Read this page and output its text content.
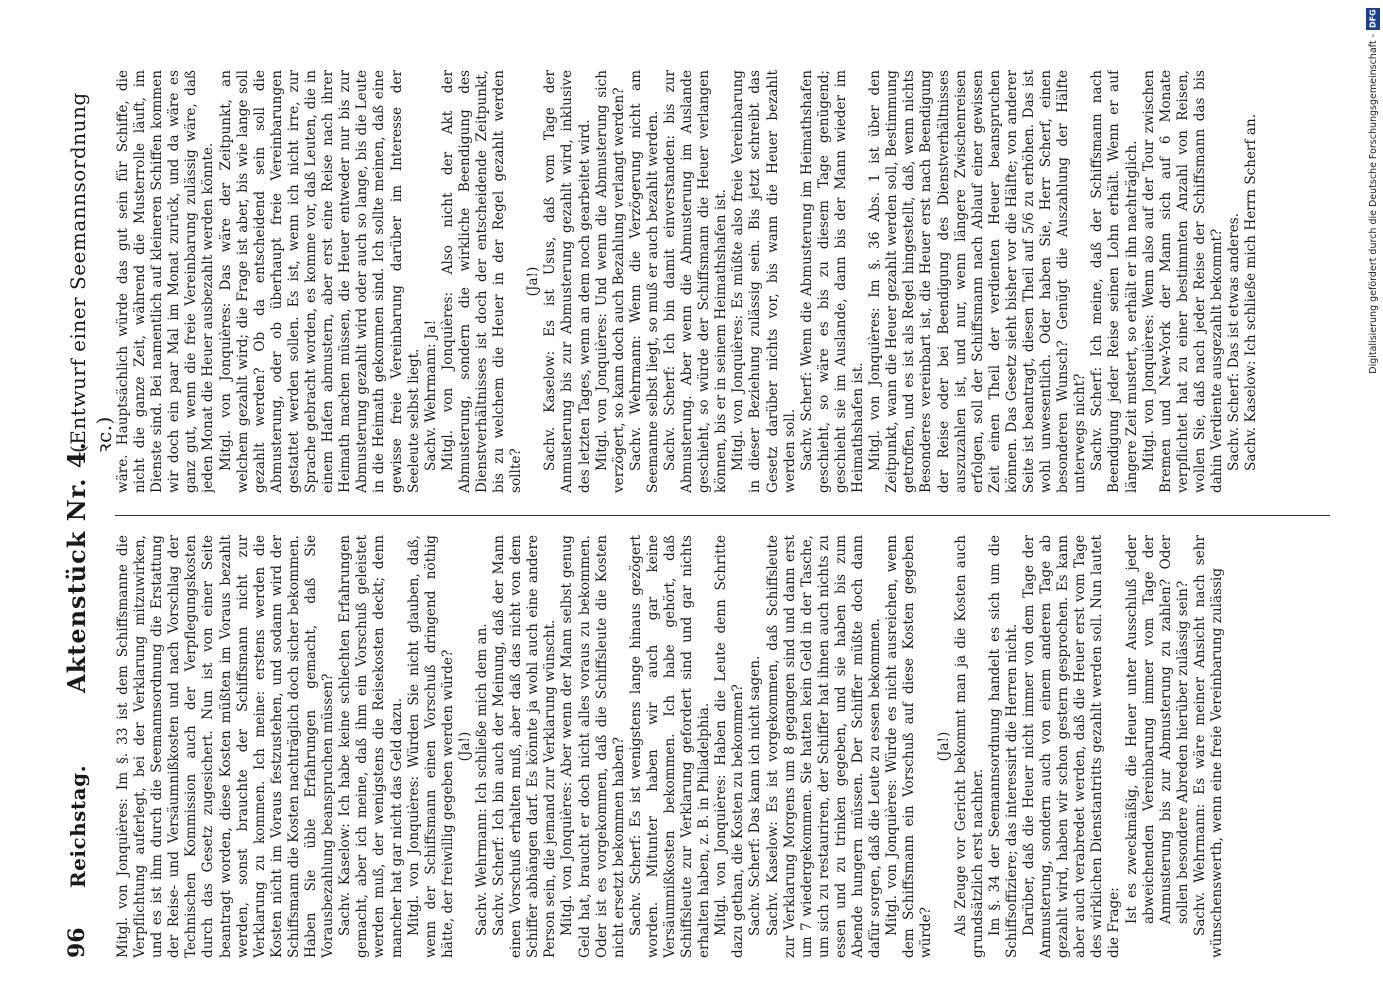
96
Reichstag.
Aktenstück Nr. 4.
(Entwurf einer Seemannsordnung ꝛc.)

Mitgl. von Jonquières: Im §. 33 ist dem Schiffsmanne die Verpflichtung auferlegt, bei der Verklarung mitzuwirken, und es ist ihm durch die Seemannsordnung die Erstattung der Reise- und Versäumnißkosten und nach Vorschlag der Technischen Kommission auch der Verpflegungskosten durch das Gesetz zugesichert. Nun ist von einer Seite beantragt worden, diese Kosten müßten im Voraus bezahlt werden, sonst brauchte der Schiffsmann nicht zur Verklarung zu kommen. Ich meine: erstens werden die Kosten nicht im Voraus festzustehen, und sodann wird der Schiffsmann die Kosten nachträglich doch sicher bekommen. Haben Sie üble Erfahrungen gemacht, daß Sie Vorausbezahlung beanspruchen müssen? Sachv. Kaselow: Ich habe keine schlechten Erfahrungen gemacht, aber ich meine, daß ihm ein Vorschuß geleistet werden muß, der wenigstens die Reisekosten deckt; denn mancher hat gar nicht das Geld dazu. Mitgl. von Jonquières: Würden Sie nicht glauben, daß, wenn der Schiffsmann einen Vorschuß dringend nöthig hätte, der freiwillig gegeben werden würde? (Ja!) Sachv. Wehrmann: Ich schließe mich dem an. Sachv. Scherf: Ich bin auch der Meinung, daß der Mann einen Vorschuß erhalten muß, aber daß das nicht von dem Schiffer abhängen darf. Es könnte ja wohl auch eine andere Person sein, die jemand zur Verklarung wünscht. Mitgl. von Jonquières: Aber wenn der Mann selbst genug Geld hat, braucht er doch nicht alles voraus zu bekommen. Oder ist es vorgekommen, daß die Schiffsleute die Kosten nicht ersetzt bekommen haben? Sachv. Scherf: Es ist wenigstens lange hinaus gezögert worden. Mitunter haben wir auch gar keine Versäumnißkosten bekommen. Ich habe gehört, daß Schiffsleute zur Verklarung gefordert sind und gar nichts erhalten haben, z. B. in Philadelphia. Mitgl. von Jonquières: Haben die Leute denn Schritte dazu gethan, die Kosten zu bekommen? Sachv. Scherf: Das kann ich nicht sagen. Sachv. Kaselow: Es ist vorgekommen, daß Schiffsleute zur Verklarung Morgens um 8 gegangen sind und dann erst um 7 wiedergekommen. Sie hatten kein Geld in der Tasche, um sich zu restauriren, der Schiffer hat ihnen auch nichts zu essen und zu trinken gegeben, und sie haben bis zum Abende hungern müssen. Der Schiffer müßte doch dann dafür sorgen, daß die Leute zu essen bekommen. Mitgl. von Jonquières: Würde es nicht ausreichen, wenn dem Schiffsmann ein Vorschuß auf diese Kosten gegeben würde?

(Ja!) Als Zeuge vor Gericht bekommt man ja die Kosten auch grundsätzlich erst nachher. Im §. 34 der Seemannsordnung handelt es sich um die Schiffsoffiziere; das interessirt die Herren nicht. Darüber, daß die Heuer nicht immer von dem Tage der Anmusterung, sondern auch von einem anderen Tage ab gezahlt wird, haben wir schon gestern gesprochen. Es kann aber auch verabredet werden, daß die Heuer erst vom Tage des wirklichen Dienstantritts gezahlt werden soll. Nun lautet die Frage: Ist es zweckmäßig, die Heuer unter Ausschluß jeder abweichenden Vereinbarung immer vom Tage der Anmusterung bis zur Abmusterung zu zahlen? Oder sollen besondere Abreden hierüber zulässig sein? Sachv. Wehrmann: Es wäre meiner Ansicht nach sehr wünschenswerth, wenn eine freie Vereinbarung zulässig

wäre. Hauptsächlich würde das gut sein für Schiffe, die nicht die ganze Zeit, während die Musterrolle läuft, im Dienste sind. Bei namentlich auf kleineren Schiffen kommen wir doch ein paar Mal im Monat zurück, und da wäre es ganz gut, wenn die freie Vereinbarung zulässig wäre, daß jeden Monat die Heuer ausbezahlt werden könnte. Mitgl. von Jonquières: Das wäre der Zeitpunkt, an welchem gezahlt wird; die Frage ist aber, bis wie lange soll gezahlt werden? Ob da entscheidend sein soll die Abmusterung, oder ob überhaupt freie Vereinbarungen gestattet werden sollen. Es ist, wenn ich nicht irre, zur Sprache gebracht worden, es komme vor, daß Leuten, die in einem Hafen abmustern, aber erst eine Reise nach ihrer Heimath machen müssen, die Heuer entweder nur bis zur Abmusterung gezahlt wird oder auch so lange, bis die Leute in die Heimath gekommen sind. Ich sollte meinen, daß eine gewisse freie Vereinbarung darüber im Interesse der Seeleute selbst liegt. Sachv. Wehrmann: Ja! Mitgl. von Jonquières: Also nicht der Akt der Abmusterung, sondern die wirkliche Beendigung des Dienstverhältnisses ist doch der entscheidende Zeitpunkt, bis zu welchem die Heuer in der Regel gezahlt werden sollte?

(Ja!) Sachv. Kaselow: Es ist Usus, daß vom Tage der Anmusterung bis zur Abmusterung gezahlt wird, inklusive des letzten Tages, wenn an dem noch gearbeitet wird. Mitgl. von Jonquières: Und wenn die Abmusterung sich verzögert, so kann doch auch Bezahlung verlangt werden? Sachv. Wehrmann: Wenn die Verzögerung nicht am Seemanne selbst liegt, so muß er auch bezahlt werden. Sachv. Scherf: Ich bin damit einverstanden: bis zur Abmusterung. Aber wenn die Abmusterung im Auslande geschieht, so würde der Schiffsmann die Heuer verlangen können, bis er in seinem Heimathshafen ist. Mitgl. von Jonquières: Es müßte also freie Vereinbarung in dieser Beziehung zulässig sein. Bis jetzt schreibt das Gesetz darüber nichts vor, bis wann die Heuer bezahlt werden soll. Sachv. Scherf: Wenn die Abmusterung im Heimathshafen geschieht, so wäre es bis zu diesem Tage genügend; geschieht sie im Auslande, dann bis der Mann wieder im Heimathshafen ist. Mitgl. von Jonquières: Im §. 36 Abs. 1 ist über den Zeitpunkt, wann die Heuer gezahlt werden soll, Bestimmung getroffen, und es ist als Regel hingestellt, daß, wenn nichts Besonderes vereinbart ist, die Heuer erst nach Beendigung der Reise oder bei Beendigung des Dienstverhältnisses auszuzahlen ist, und nur, wenn längere Zwischenreisen erfolgen, soll der Schiffsmann nach Ablauf einer gewissen Zeit einen Theil der verdienten Heuer beanspruchen können. Das Gesetz sieht bisher vor die Hälfte; von anderer Seite ist beantragt, diesen Theil auf 5/6 zu erhöhen. Das ist wohl unwesentlich. Oder haben Sie, Herr Scherf, einen besonderen Wunsch? Genügt die Auszahlung der Hälfte unterwegs nicht? Sachv. Scherf: Ich meine, daß der Schiffsmann nach Beendigung jeder Reise seinen Lohn erhält. Wenn er auf längere Zeit mustert, so erhält er ihn nachträglich. Mitgl. von Jonquières: Wenn also auf der Tour zwischen Bremen und New-York der Mann sich auf 6 Monate verpflichtet hat zu einer bestimmten Anzahl von Reisen, wollen Sie, daß nach jeder Reise der Schiffsmann das bis dahin Verdiente ausgezahlt bekommt? Sachv. Scherf: Das ist etwas anderes. Sachv. Kaselow: Ich schließe mich Herrn Scherf an.

DFG
Digitalisierung gefördert durch die Deutsche Forschungsgemeinschaft -
